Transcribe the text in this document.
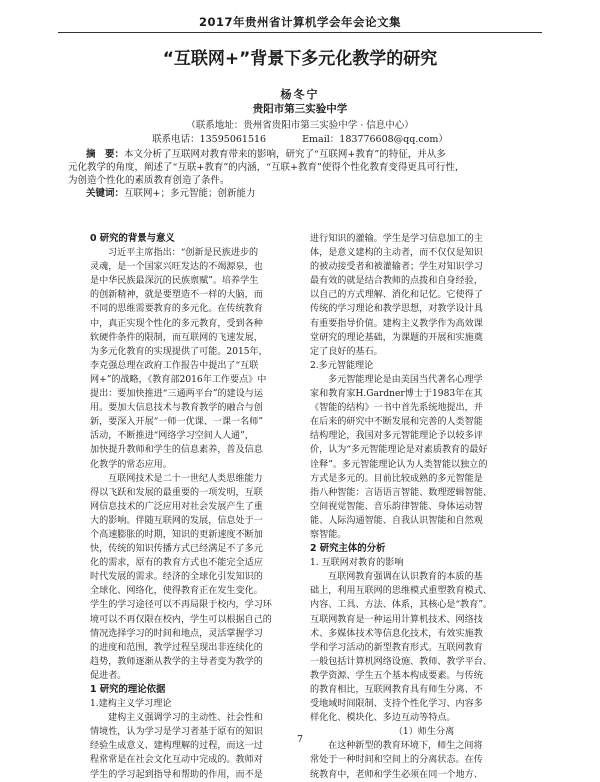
2017年贵州省计算机学会年会论文集
“互联网+”背景下多元化教学的研究
杨冬宁
贵阳市第三实验中学
（联系地址：贵州省贵阳市第三实验中学 · 信息中心）
联系电话：13595061516	Email：183776608@qq.com）
摘　要：本文分析了互联网对教育带来的影响，研究了“互联网+教育”的特征，并从多
元化教学的角度，阐述了“互联+教育”的内涵，“互联+教育”使得个性化教育变得更具可行性，
为创造个性化的素质教育创造了条件。
关键词：互联网+；多元智能；创新能力
0 研究的背景与意义
习近平主席指出：“创新是民族进步的
灵魂，是一个国家兴旺发达的不竭源泉，也
是中华民族最深沉的民族禀赋”。培养学生
的创新精神，就是要塑造不一样的大脑，而
不同的思维需要教育的多元化。在传统教育
中，真正实现个性化的多元教育，受到各种
软硬件条件的限制，而互联网的飞速发展，
为多元化教育的实现提供了可能。2015年，
李克强总理在政府工作报告中提出了“互联
网+”的战略，《教育部2016年工作要点》中
提出：要加快推进“三通两平台”的建设与运
用。要加大信息技术与教育教学的融合与创
新，要深入开展“一师一优课、一课一名师”
活动，不断推进“网络学习空间人人通”，
加快提升教师和学生的信息素养，普及信息
化教学的常态应用。
互联网技术是二十一世纪人类思维能力
得以飞跃和发展的最重要的一项发明，互联
网信息技术的广泛应用对社会发展产生了重
大的影响。伴随互联网的发展，信息处于一
个高速膨胀的时期，知识的更新速度不断加
快，传统的知识传播方式已经满足不了多元
化的需求，原有的教育方式也不能完全适应
时代发展的需求。经济的全球化引发知识的
全球化、网络化，使得教育正在发生变化。
学生的学习途径可以不再局限于校内，学习环
境可以不再仅限在校内，学生可以根据自己的
情况选择学习的时间和地点，灵活掌握学习
的进度和范围，教学过程呈现出非连续化的
趋势，教师逐渐从教学的主导者变为教学的
促进者。
1 研究的理论依据
1.建构主义学习理论
建构主义强调学习的主动性、社会性和
情境性，认为学习是学习者基于原有的知识
经验生成意义、建构理解的过程，而这一过
程常常是在社会文化互动中完成的。教师对
学生的学习起到指导和帮助的作用，而不是
进行知识的灌输。学生是学习信息加工的主
体，是意义建构的主动者，而不仅仅是知识
的被动接受者和被灌输者；学生对知识学习
最有效的就是结合教师的点拨和自身经验，
以自己的方式理解、消化和记忆。它使得了
传统的学习理论和教学思想，对教学设计具
有重要指导价值。建构主义教学作为高效课
堂研究的理论基础，为课题的开展和实施奠
定了良好的基石。
2.多元智能理论
多元智能理论是由美国当代著名心理学
家和教育家H.Gardner博士于1983年在其
《智能的结构》一书中首先系统地提出，并
在后来的研究中不断发展和完善的人类智能
结构理论，我国对多元智能理论予以较多评
价，认为“多元智能理论是对素质教育的最好
诠释”。多元智能理论认为人类智能以独立的
方式是多元的。目前比较成熟的多元智能是
指八种智能：言语语言智能、数理逻辑智能、
空间视觉智能、音乐韵律智能、身体运动智
能、人际沟通智能、自我认识智能和自然观
察智能。
2 研究主体的分析
1. 互联网对教育的影响
互联网教育强调在认识教育的本质的基
础上，利用互联网的思维模式重塑教育模式、
内容、工具、方法、体系，其核心是“教育”。
互联网教育是一种运用计算机技术、网络技
术、多媒体技术等信息化技术，有效实施教
学和学习活动的新型教育形式。互联网教育
一般包括计算机网络设施、教师、教学平台、
教学资源、学生五个基本构成要素。与传统
的教育相比，互联网教育具有师生分离、不
受地域时间限制、支持个性化学习、内容多
样化化、模块化、多边互动等特点。
（1）师生分离
在这种新型的教育环境下，师生之间将
常处于一种时间和空间上的分离状态。在传
统教育中，老师和学生必须在同一个地方、
7
